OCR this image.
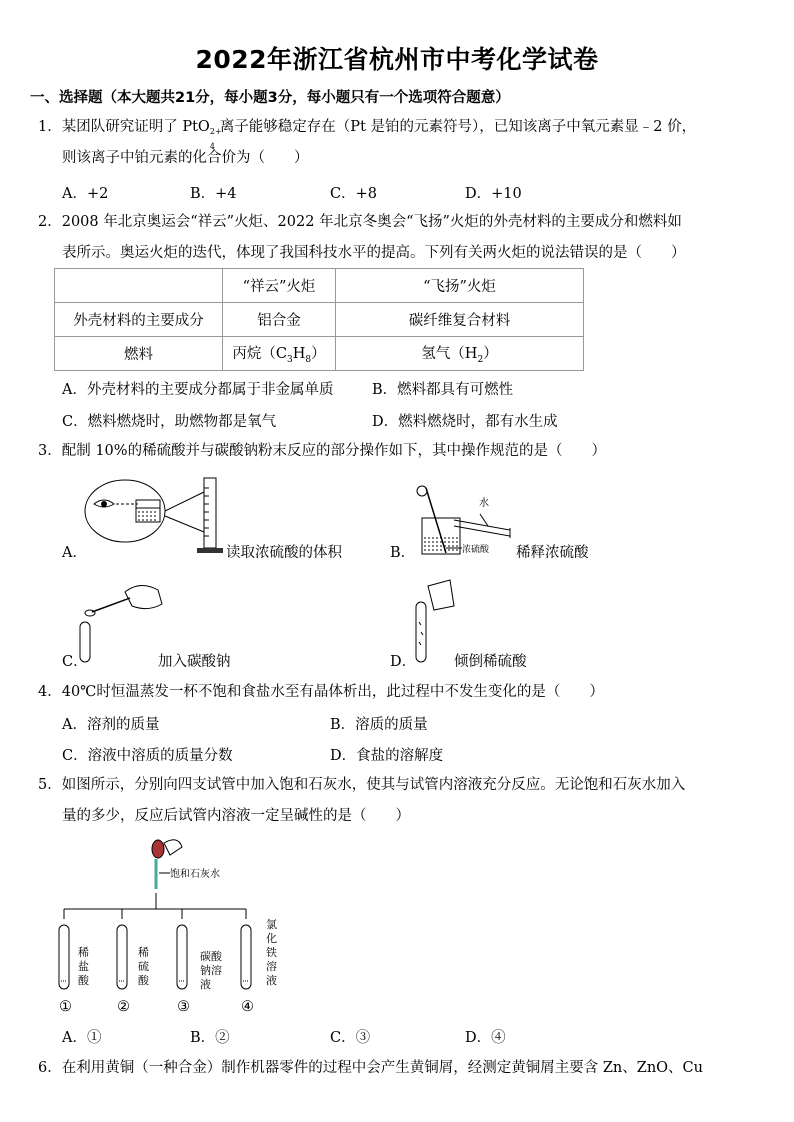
2022年浙江省杭州市中考化学试卷
一、选择题（本大题共21分，每小题3分，每小题只有一个选项符合题意）
1．某团队研究证明了 PtO 2+
4
离子能够稳定存在（Pt 是铂的元素符号），已知该离子中氧元素显﹣2 价，
则该离子中铂元素的化合价为（　　）
A．+2	B．+4	C．+8	D．+10
2．2008 年北京奥运会“祥云”火炬、2022 年北京冬奥会“飞扬”火炬的外壳材料的主要成分和燃料如
表所示。奥运火炬的迭代，体现了我国科技水平的提高。下列有关两火炬的说法错误的是（　　）
	“祥云”火炬	“飞扬”火炬
外壳材料的主要成分	铝合金	碳纤维复合材料
燃料	丙烷$(C_3H_8)$	氢气$(H_2)$
A．外壳材料的主要成分都属于非金属单质	B．燃料都具有可燃性
C．燃料燃烧时，助燃物都是氧气	D．燃料燃烧时，都有水生成
3．配制 10%的稀硫酸并与碳酸钠粉末反应的部分操作如下，其中操作规范的是（　　）
A．	读取浓硫酸的体积
水
浓硫酸
B．	稀释浓硫酸
C．	加入碳酸钠	D．	倾倒稀硫酸
4．40℃时恒温蒸发一杯不饱和食盐水至有晶体析出，此过程中不发生变化的是（　　）
A．溶剂的质量	B．溶质的质量
C．溶液中溶质的质量分数	D．食盐的溶解度
5．如图所示，分别向四支试管中加入饱和石灰水，使其与试管内溶液充分反应。无论饱和石灰水加入
量的多少，反应后试管内溶液一定呈碱性的是（　　）
饱和石灰水
稀盐酸
稀硫酸
碳酸钠溶液
氯化铁溶液
①	②	③	④
A．①	B．②	C．③	D．④
6．在利用黄铜（一种合金）制作机器零件的过程中会产生黄铜屑，经测定黄铜屑主要含 Zn、ZnO、Cu
